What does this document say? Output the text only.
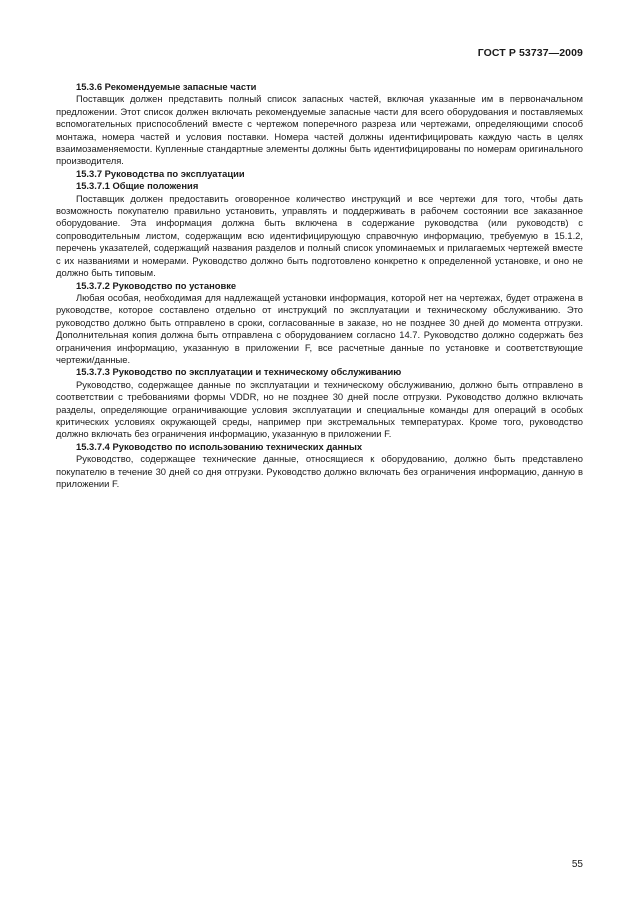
ГОСТ Р 53737—2009

15.3.6 Рекомендуемые запасные части

Поставщик должен представить полный список запасных частей, включая указанные им в первоначальном предложении. Этот список должен включать рекомендуемые запасные части для всего оборудования и поставляемых вспомогательных приспособлений вместе с чертежом поперечного разреза или чертежами, определяющими способ монтажа, номера частей и условия поставки. Номера частей должны идентифицировать каждую часть в целях взаимозаменяемости. Купленные стандартные элементы должны быть идентифицированы по номерам оригинального производителя.

15.3.7 Руководства по эксплуатации

15.3.7.1 Общие положения

Поставщик должен предоставить оговоренное количество инструкций и все чертежи для того, чтобы дать возможность покупателю правильно установить, управлять и поддерживать в рабочем состоянии все заказанное оборудование. Эта информация должна быть включена в содержание руководства (или руководств) с сопроводительным листом, содержащим всю идентифицирующую справочную информацию, требуемую в 15.1.2, перечень указателей, содержащий названия разделов и полный список упоминаемых и прилагаемых чертежей вместе с их названиями и номерами. Руководство должно быть подготовлено конкретно к определенной установке, и оно не должно быть типовым.

15.3.7.2 Руководство по установке

Любая особая, необходимая для надлежащей установки информация, которой нет на чертежах, будет отражена в руководстве, которое составлено отдельно от инструкций по эксплуатации и техническому обслуживанию. Это руководство должно быть отправлено в сроки, согласованные в заказе, но не позднее 30 дней до момента отгрузки. Дополнительная копия должна быть отправлена с оборудованием согласно 14.7. Руководство должно содержать без ограничения информацию, указанную в приложении F, все расчетные данные по установке и соответствующие чертежи/данные.

15.3.7.3 Руководство по эксплуатации и техническому обслуживанию

Руководство, содержащее данные по эксплуатации и техническому обслуживанию, должно быть отправлено в соответствии с требованиями формы VDDR, но не позднее 30 дней после отгрузки. Руководство должно включать разделы, определяющие ограничивающие условия эксплуатации и специальные команды для операций в особых критических условиях окружающей среды, например при экстремальных температурах. Кроме того, руководство должно включать без ограничения информацию, указанную в приложении F.

15.3.7.4 Руководство по использованию технических данных

Руководство, содержащее технические данные, относящиеся к оборудованию, должно быть представлено покупателю в течение 30 дней со дня отгрузки. Руководство должно включать без ограничения информацию, данную в приложении F.

55
